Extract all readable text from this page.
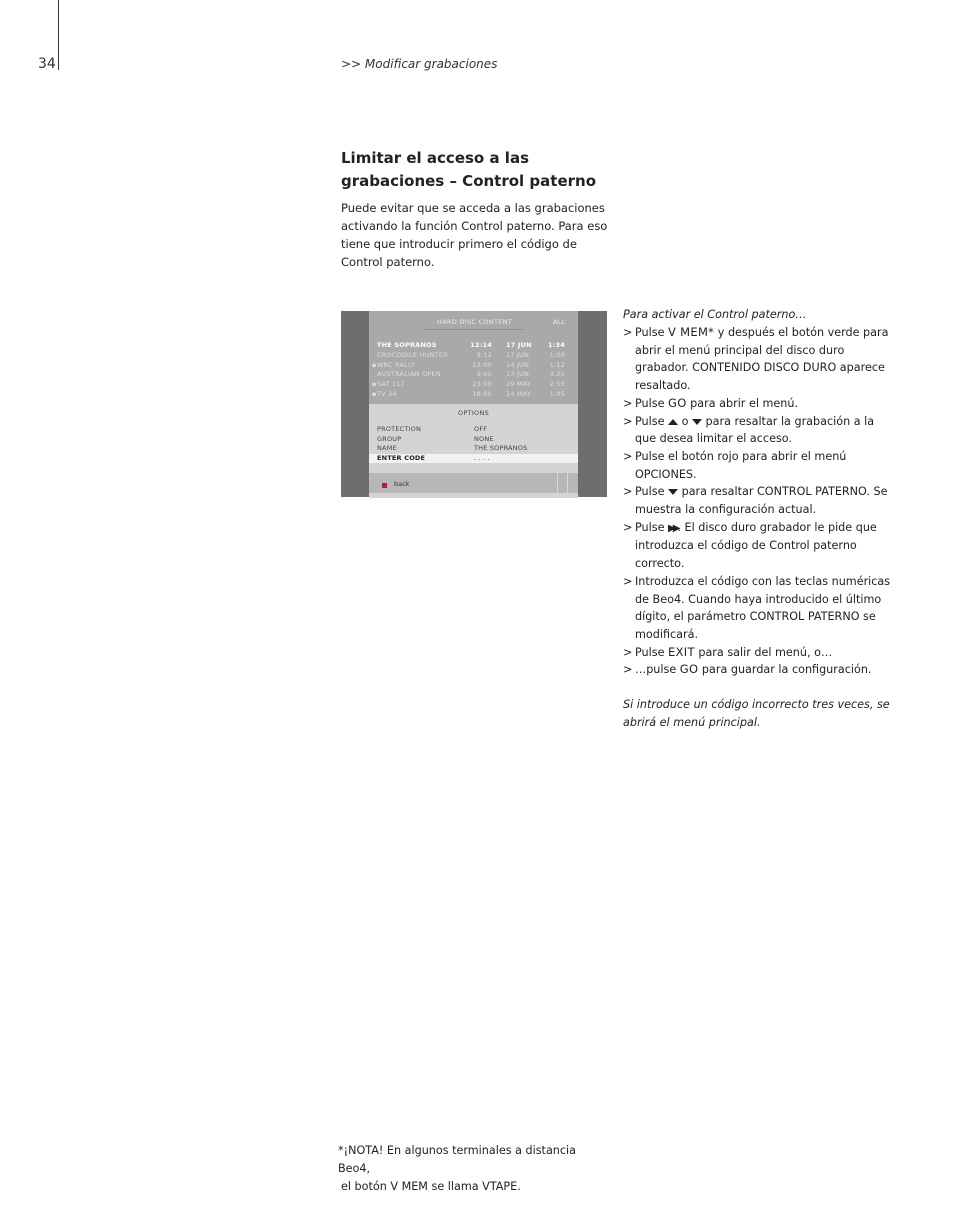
34	>> Modificar grabaciones
Limitar el acceso a las grabaciones – Control paterno
Puede evitar que se acceda a las grabaciones activando la función Control paterno. Para eso tiene que introducir primero el código de Control paterno.
HARD DISC CONTENT	ALL
THE SOPRANOS	12:14 17 JUN	1:34
CROCODILE HUNTER	9:12 17 JUN	1:00
▪ WRC RALLY	12:00 14 JUN	1:12
AUSTRALIAN OPEN	9:00 13 JUN	3:25
▪ SAT 117	23:00 29 MAY	2:55
▪ TV 24	18:00 24 MAY	1:05
OPTIONS
PROTECTION	OFF
GROUP	NONE
NAME	THE SOPRANOS
ENTER CODE	. . . .
back
Para activar el Control paterno…
> Pulse V MEM* y después el botón verde para abrir el menú principal del disco duro grabador. CONTENIDO DISCO DURO aparece resaltado.
> Pulse GO para abrir el menú.
> Pulse  o  para resaltar la grabación a la que desea limitar el acceso.
> Pulse el botón rojo para abrir el menú OPCIONES.
> Pulse  para resaltar CONTROL PATERNO. Se muestra la configuración actual.
> Pulse ▶▶. El disco duro grabador le pide que introduzca el código de Control paterno correcto.
> Introduzca el código con las teclas numéricas de Beo4. Cuando haya introducido el último dígito, el parámetro CONTROL PATERNO se modificará.
> Pulse EXIT para salir del menú, o…
> …pulse GO para guardar la configuración.
Si introduce un código incorrecto tres veces, se abrirá el menú principal.
*¡NOTA! En algunos terminales a distancia Beo4,
el botón V MEM se llama VTAPE.
